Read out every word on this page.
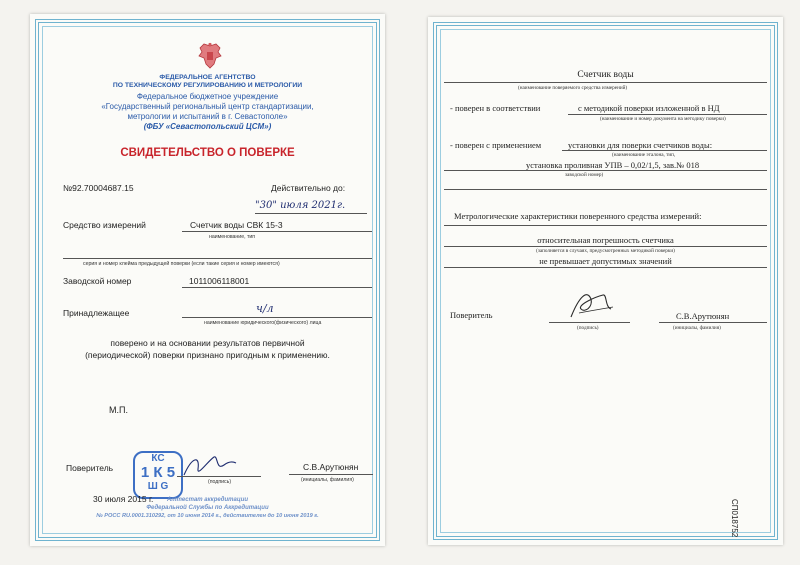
ФЕДЕРАЛЬНОЕ АГЕНТСТВО
ПО ТЕХНИЧЕСКОМУ РЕГУЛИРОВАНИЮ И МЕТРОЛОГИИ
Федеральное бюджетное учреждение
«Государственный региональный центр стандартизации,
метрологии и испытаний в г. Севастополе»
(ФБУ «Севастопольский ЦСМ»)
СВИДЕТЕЛЬСТВО О ПОВЕРКЕ
№92.70004687.15	Действительно до:
"30" июля 2021г.
Средство измерений	Счетчик воды СВК 15-3
наименование, тип
серия и номер клейма предыдущей поверки (если такие серия и номер имеются)
Заводской номер	1011006118001
Принадлежащее	ч/л
наименование юридического(физического) лица
поверено и на основании результатов первичной
(периодической) поверки признано пригодным к применению.
М.П.
Поверитель
КС
1 К 5
Ш G	(подпись)
С.В.Арутюнян
(инициалы, фамилия)
30 июля 2015 г.	Аттестат аккредитации
Федеральной Службы по Аккредитации
№ РОСС RU.0001.310292, от 10 июня 2014 г., действителен до 10 июня 2019 г.
Счетчик воды
(наименование поверяемого средства измерений)
- поверен в соответствии	с методикой поверки изложенной в НД
(наименование и номер документа на методику поверки)
- поверен с применением	установки для поверки счетчиков воды:
(наименование эталона, тип,
установка проливная УПВ – 0,02/1,5, зав.№ 018
заводской номер)
Метрологические характеристики поверенного средства измерений:
относительная погрешность счетчика
(заполняется в случаях, предусмотренных методикой поверки)
не превышает допустимых значений
Поверитель
(подпись)
С.В.Арутюнян
(инициалы, фамилия)
СП018752
